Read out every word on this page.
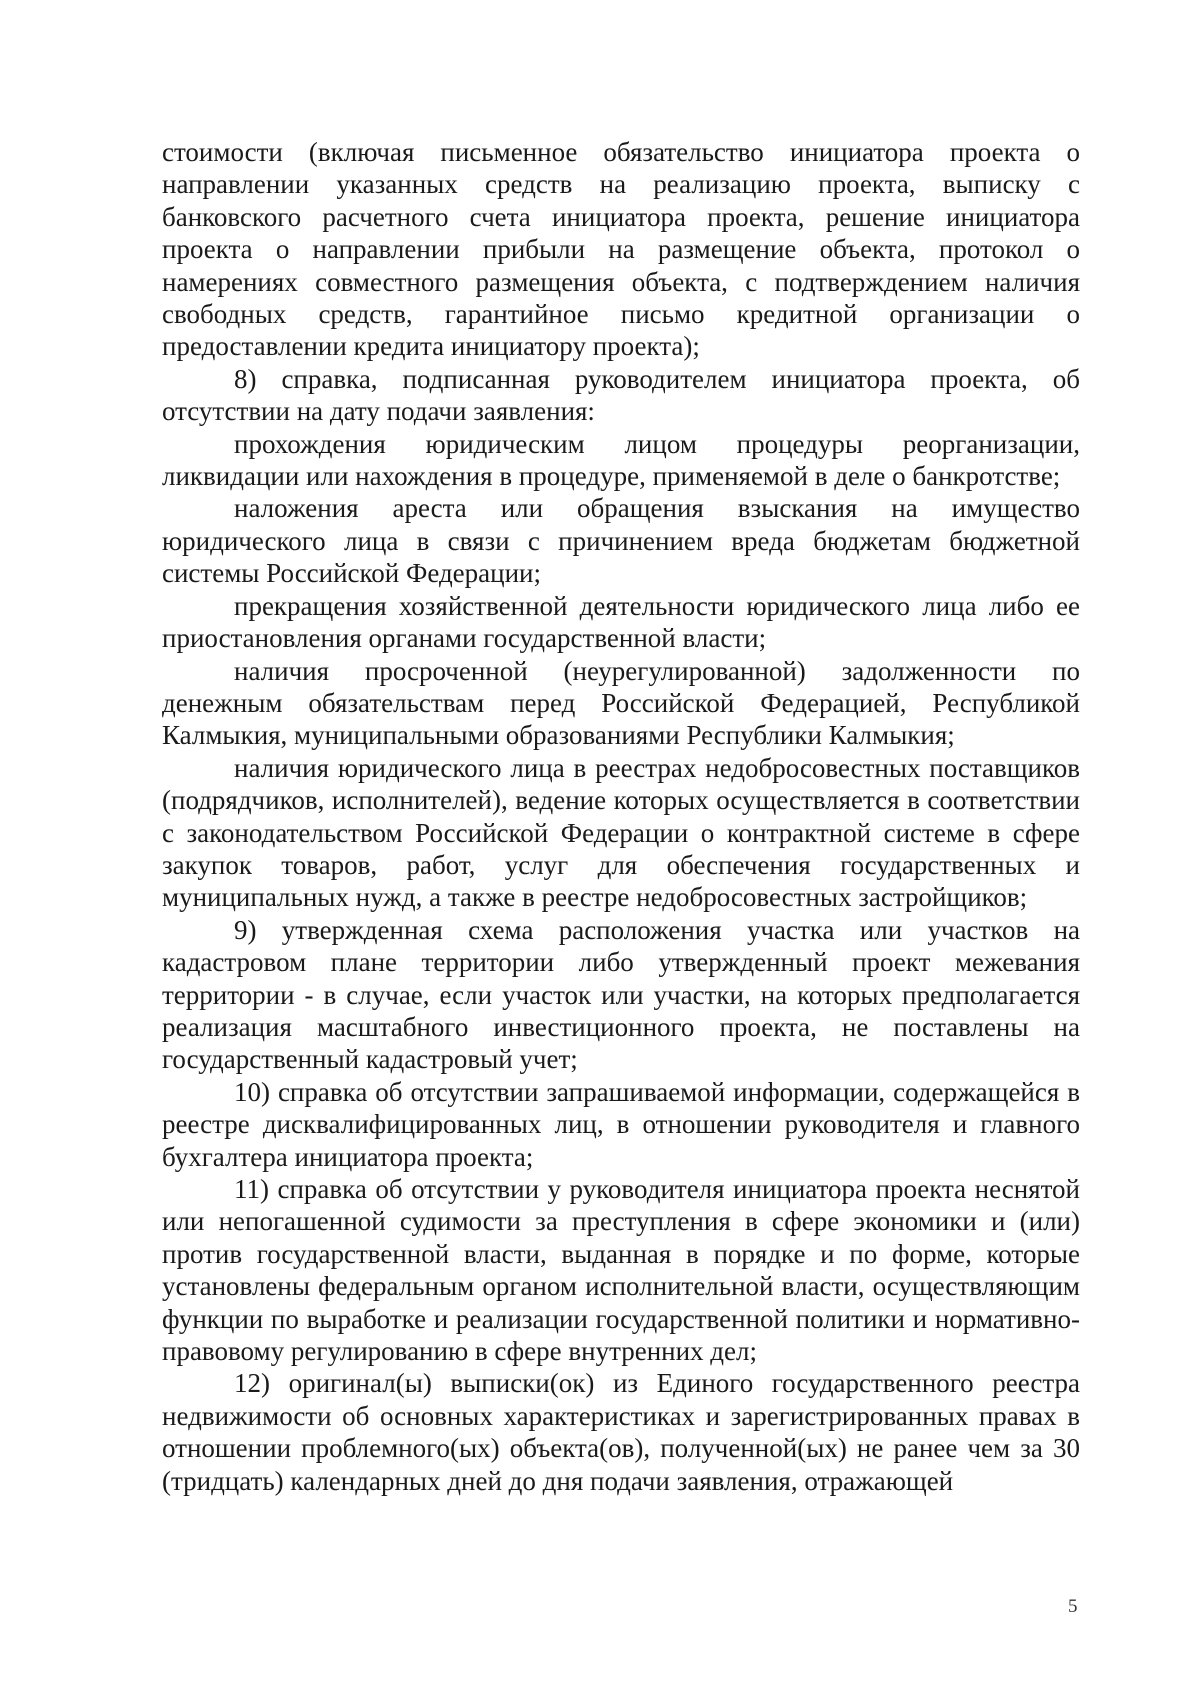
стоимости (включая письменное обязательство инициатора проекта о направлении указанных средств на реализацию проекта, выписку с банковского расчетного счета инициатора проекта, решение инициатора проекта о направлении прибыли на размещение объекта, протокол о намерениях совместного размещения объекта, с подтверждением наличия свободных средств, гарантийное письмо кредитной организации о предоставлении кредита инициатору проекта);

8) справка, подписанная руководителем инициатора проекта, об отсутствии на дату подачи заявления:

прохождения юридическим лицом процедуры реорганизации, ликвидации или нахождения в процедуре, применяемой в деле о банкротстве;

наложения ареста или обращения взыскания на имущество юридического лица в связи с причинением вреда бюджетам бюджетной системы Российской Федерации;

прекращения хозяйственной деятельности юридического лица либо ее приостановления органами государственной власти;

наличия просроченной (неурегулированной) задолженности по денежным обязательствам перед Российской Федерацией, Республикой Калмыкия, муниципальными образованиями Республики Калмыкия;

наличия юридического лица в реестрах недобросовестных поставщиков (подрядчиков, исполнителей), ведение которых осуществляется в соответствии с законодательством Российской Федерации о контрактной системе в сфере закупок товаров, работ, услуг для обеспечения государственных и муниципальных нужд, а также в реестре недобросовестных застройщиков;

9) утвержденная схема расположения участка или участков на кадастровом плане территории либо утвержденный проект межевания территории - в случае, если участок или участки, на которых предполагается реализация масштабного инвестиционного проекта, не поставлены на государственный кадастровый учет;

10) справка об отсутствии запрашиваемой информации, содержащейся в реестре дисквалифицированных лиц, в отношении руководителя и главного бухгалтера инициатора проекта;

11) справка об отсутствии у руководителя инициатора проекта неснятой или непогашенной судимости за преступления в сфере экономики и (или) против государственной власти, выданная в порядке и по форме, которые установлены федеральным органом исполнительной власти, осуществляющим функции по выработке и реализации государственной политики и нормативно-правовому регулированию в сфере внутренних дел;

12) оригинал(ы) выписки(ок) из Единого государственного реестра недвижимости об основных характеристиках и зарегистрированных правах в отношении проблемного(ых) объекта(ов), полученной(ых) не ранее чем за 30 (тридцать) календарных дней до дня подачи заявления, отражающей

5
